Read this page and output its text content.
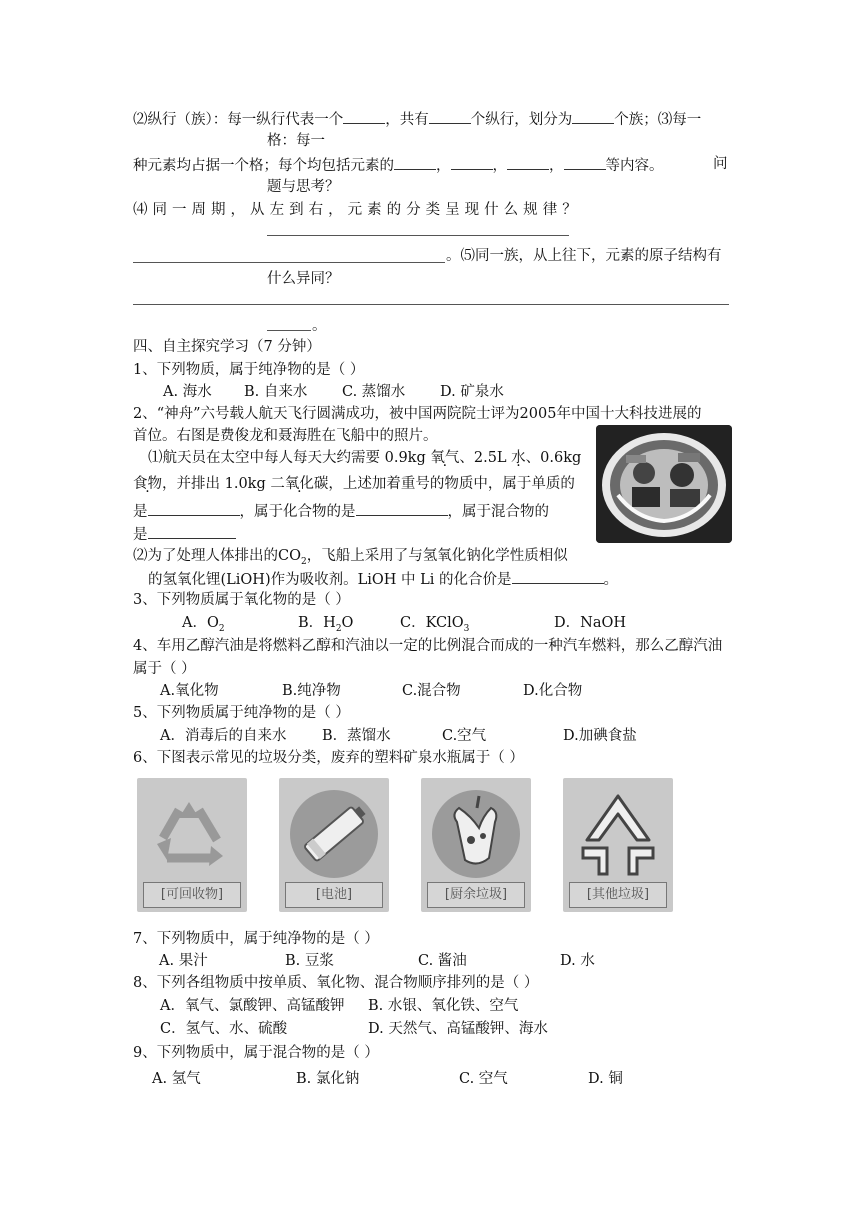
⑵纵行（族）：每一纵行代表一个	，共有	个纵行，划分为	个族；⑶每一
格：每一
种元素均占据一个格；每个均包括元素的	，	，	，	等内容。	问
题与思考？
⑷ 同 一 周 期 ， 从 左 到 右 ， 元 素 的 分 类 呈 现 什 么 规 律 ？
。⑸同一族，从上往下，元素的原子结构有
什么异同？
。
四、自主探究学习（7 分钟）
1、下列物质，属于纯净物的是（ ）
A. 海水 B. 自来水 C. 蒸馏水 D. 矿泉水
2、“神舟”六号载人航天飞行圆满成功，被中国两院院士评为2005年中国十大科技进展的
首位。右图是费俊龙和聂海胜在飞船中的照片。
⑴航天员在太空中每人每天大约需要 0.9kg 氧气、2.5L 水、0.6kg
食物，并排出 1.0kg 二氧化碳，上述加着重号的物质中，属于单质的
是	，属于化合物的是	，属于混合物的
是
⑵为了处理人体排出的$CO_2$，飞船上采用了与氢氧化钠化学性质相似
的氢氧化锂(LiOH)作为吸收剂。LiOH 中 Li 的化合价是	。
3、下列物质属于氧化物的是（ ）
A．$O_2$	B．$H_2O$	C．KClO$_3$	D．NaOH
4、车用乙醇汽油是将燃料乙醇和汽油以一定的比例混合而成的一种汽车燃料，那么乙醇汽油
属于（ ）
A.氧化物	B.纯净物	C.混合物	D.化合物
5、下列物质属于纯净物的是（ ）
A．消毒后的自来水 B．蒸馏水	C.空气	D.加碘食盐
6、下图表示常见的垃圾分类，废弃的塑料矿泉水瓶属于（ ）
[可回收物]	[电池]	[厨余垃圾]	[其他垃圾]
7、下列物质中，属于纯净物的是（ ）
A. 果汁	B. 豆浆	C. 酱油	D. 水
8、下列各组物质中按单质、氧化物、混合物顺序排列的是（ ）
A．氧气、氯酸钾、高锰酸钾 B. 水银、氧化铁、空气
C．氢气、水、硫酸	D. 天然气、高锰酸钾、海水
9、下列物质中，属于混合物的是（ ）
A. 氢气	B. 氯化钠	C. 空气	D. 铜
